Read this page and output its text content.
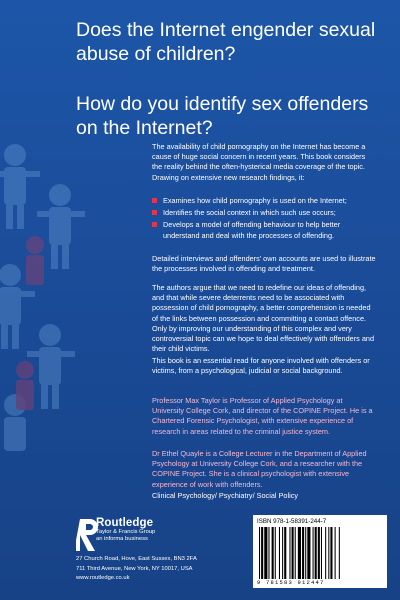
Does the Internet engender sexual abuse of children?
How do you identify sex offenders on the Internet?

The availability of child pornography on the Internet has become a cause of huge social concern in recent years. This book considers the reality behind the often-hysterical media coverage of the topic. Drawing on extensive new research findings, it:

Examines how child pornography is used on the Internet;
Identifies the social context in which such use occurs;
Develops a model of offending behaviour to help better understand and deal with the processes of offending.

Detailed interviews and offenders' own accounts are used to illustrate the processes involved in offending and treatment.

The authors argue that we need to redefine our ideas of offending, and that while severe deterrents need to be associated with possession of child pornography, a better comprehension is needed of the links between possession and committing a contact offence. Only by improving our understanding of this complex and very controversial topic can we hope to deal effectively with offenders and their child victims.

This book is an essential read for anyone involved with offenders or victims, from a psychological, judicial or social background.

Professor Max Taylor is Professor of Applied Psychology at University College Cork, and director of the COPINE Project. He is a Chartered Forensic Psychologist, with extensive experience of research in areas related to the criminal justice system.

Dr Ethel Quayle is a College Lecturer in the Department of Applied Psychology at University College Cork, and a researcher with the COPINE Project. She is a clinical psychologist with extensive experience of work with offenders.

Clinical Psychology/ Psychiatry/ Social Policy

Routledge
Taylor & Francis Group
an informa business
27 Church Road, Hove, East Sussex, BN3 2FA
711 Third Avenue, New York, NY 10017, USA
www.routledge.co.uk
ISBN 978-1-58391-244-7
9 781583 912447
